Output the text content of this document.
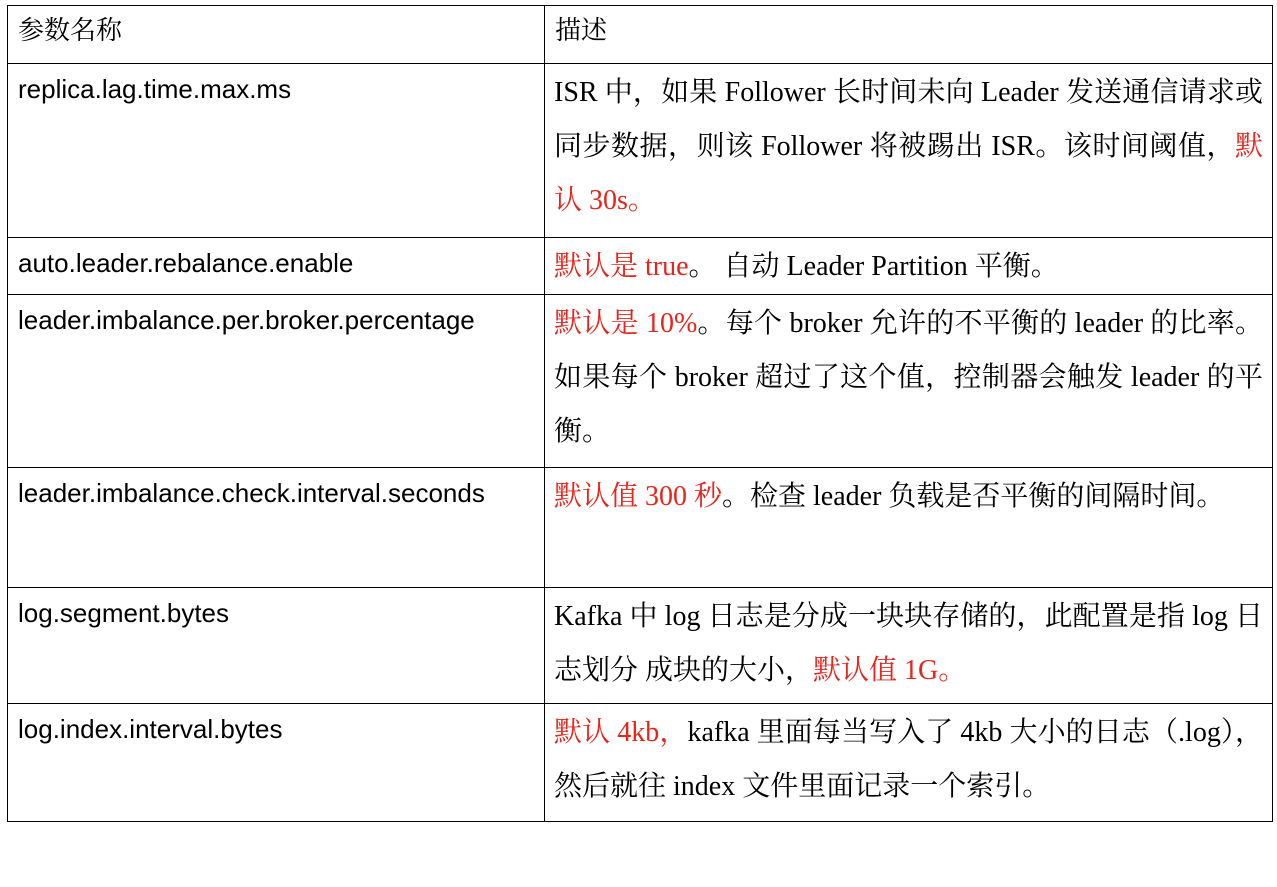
参数名称	描述

replica.lag.time.max.ms	ISR 中，如果 Follower 长时间未向 Leader 发送通信请求或同步数据，则该 Follower 将被踢出 ISR。该时间阈值，默认 30s。

auto.leader.rebalance.enable	默认是 true。 自动 Leader Partition 平衡。

leader.imbalance.per.broker.percentage	默认是 10%。每个 broker 允许的不平衡的 leader 的比率。如果每个 broker 超过了这个值，控制器会触发 leader 的平衡。

leader.imbalance.check.interval.seconds	默认值 300 秒。检查 leader 负载是否平衡的间隔时间。

log.segment.bytes	Kafka 中 log 日志是分成一块块存储的，此配置是指 log 日志划分 成块的大小，默认值 1G。

log.index.interval.bytes	默认 4kb，kafka 里面每当写入了 4kb 大小的日志（.log），然后就往 index 文件里面记录一个索引。
